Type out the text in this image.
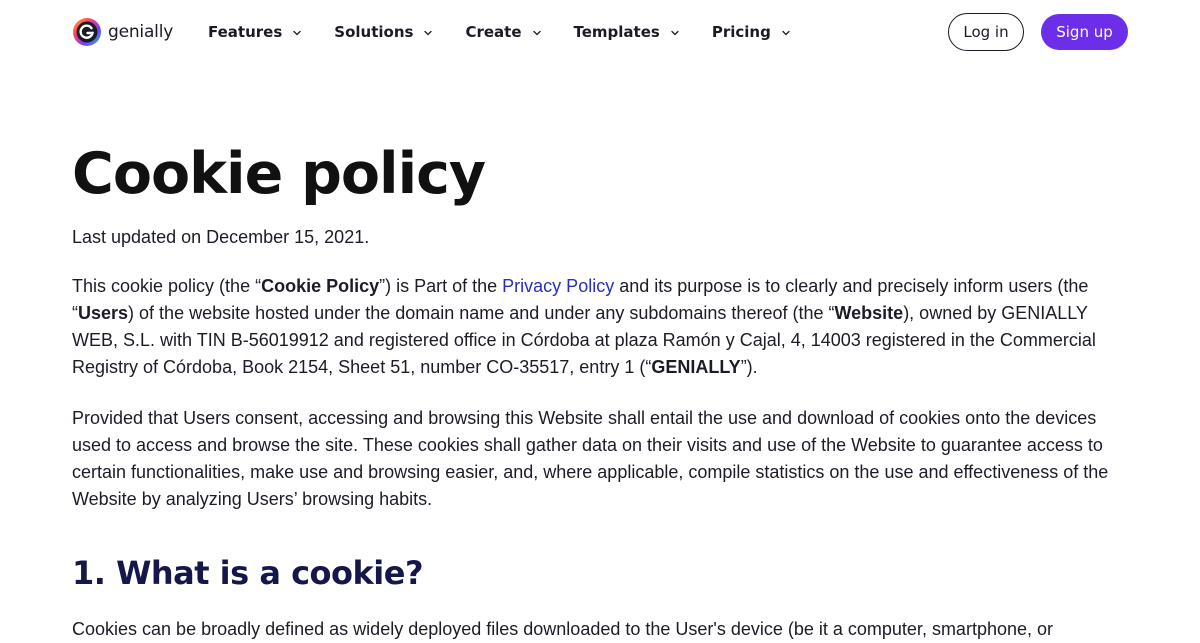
genially Features	Solutions	Create	Templates	Pricing	Log in	Sign up
Cookie policy

Last updated on December 15, 2021.

This cookie policy (the “Cookie Policy”) is Part of the Privacy Policy and its purpose is to clearly and precisely inform users (the “Users) of the website hosted under the domain name and under any subdomains thereof (the “Website), owned by GENIALLY WEB, S.L. with TIN B-56019912 and registered office in Córdoba at plaza Ramón y Cajal, 4, 14003 registered in the Commercial Registry of Córdoba, Book 2154, Sheet 51, number CO-35517, entry 1 (“GENIALLY”).

Provided that Users consent, accessing and browsing this Website shall entail the use and download of cookies onto the devices used to access and browse the site. These cookies shall gather data on their visits and use of the Website to guarantee access to certain functionalities, make use and browsing easier, and, where applicable, compile statistics on the use and effectiveness of the Website by analyzing Users’ browsing habits.

1. What is a cookie?

Cookies can be broadly defined as widely deployed files downloaded to the User's device (be it a computer, smartphone, or
